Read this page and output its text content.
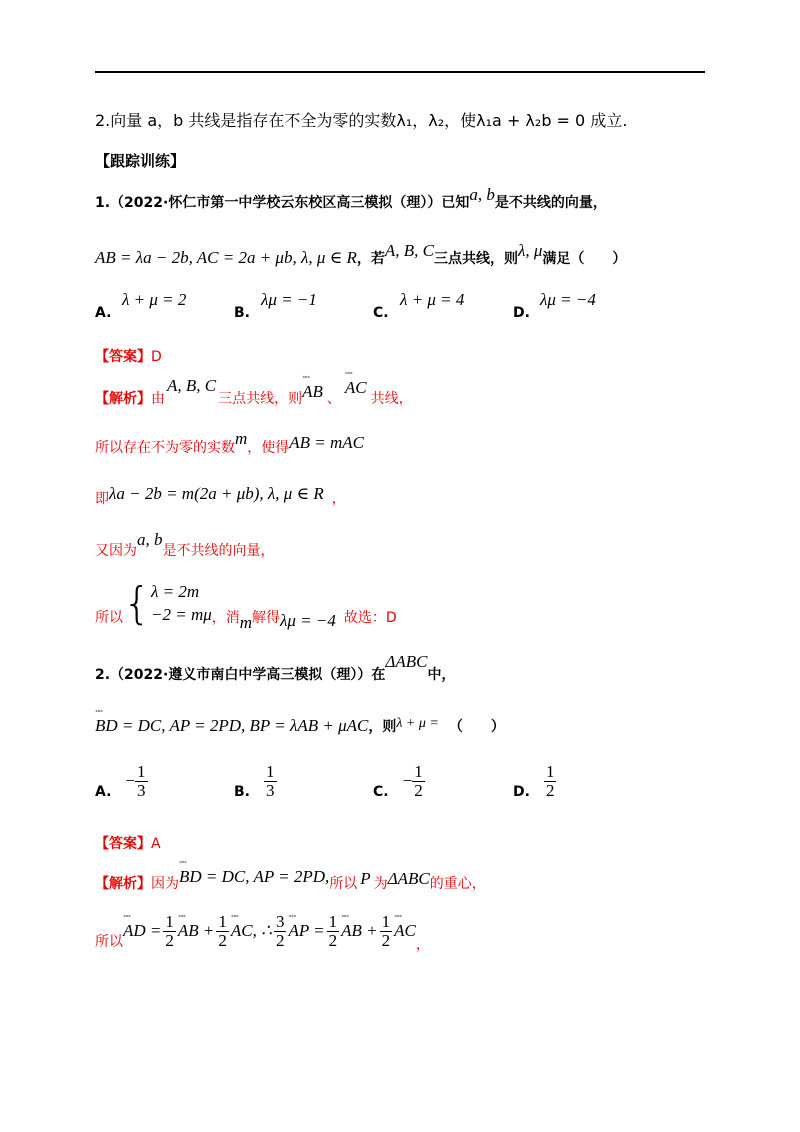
2.向量 a，b 共线是指存在不全为零的实数λ₁，λ₂，使λ₁a + λ₂b = 0 成立.
【跟踪训练】
1.（2022·怀仁市第一中学校云东校区高三模拟（理））已知a, b是不共线的向量，
AB = λa − 2b, AC = 2a + μb, λ, μ ∈ R，若A, B, C三点共线，则λ, μ满足（　　）
A.
λ + μ = 2
B.
λμ = −1
C.
λ + μ = 4
D.
λμ = −4
【答案】D
【解析】由A, B, C三点共线，则∘∘∘ AB 、∘∘∘ AC共线，
所以存在不为零的实数m，使得AB = mAC
即λa − 2b = m(2a + μb), λ, μ ∈ R ，
又因为a, b是不共线的向量，
所以 { λ = 2m
−2 = mμ ，消 m 解得 λμ = −4 故选：D
2.（2022·遵义市南白中学高三模拟（理））在ΔABC中，
∘∘∘ BD = DC, AP = 2PD, BP = λAB + μAC，则λ + μ = （　　）
A.
− $\frac{1}{3}$	B. $\frac{1}{3}$	C.
− $\frac{1}{2}$	D. $\frac{1}{2}$
【答案】A
【解析】因为∘∘∘ BD = DC, AP = 2PD,所以 P 为ΔABC的重心，
所以
∘∘∘ AD = $\frac{1}{2}$ ∘∘∘ AB + $\frac{1}{2}$ ∘∘∘ AC, ∴ $\frac{3}{2}$ ∘∘∘ AP = $\frac{1}{2}$ ∘∘∘ AB + $\frac{1}{2}$ ∘∘∘ AC
，
